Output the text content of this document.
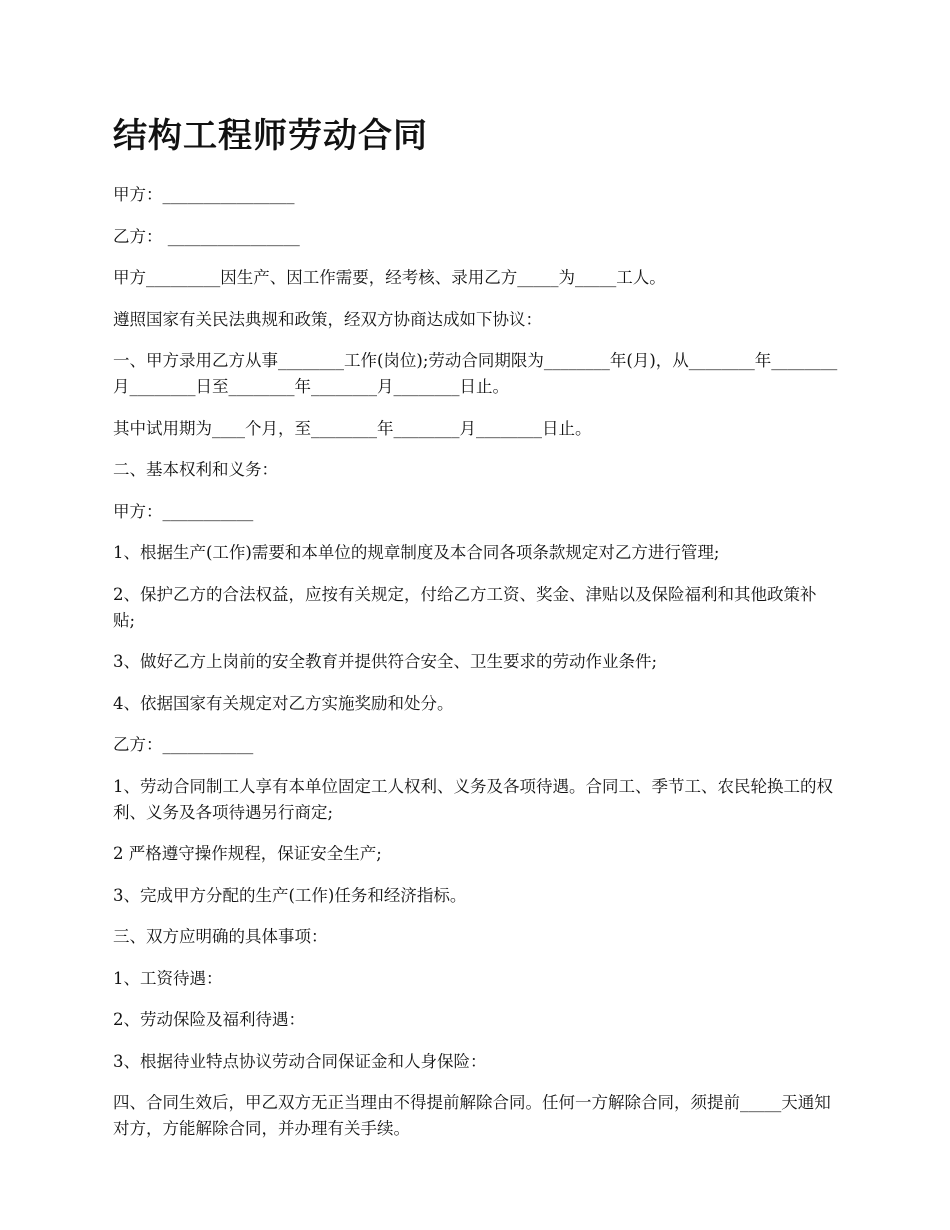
结构工程师劳动合同

甲方：________________

乙方： ________________

甲方_________因生产、因工作需要，经考核、录用乙方_____为_____工人。

遵照国家有关民法典规和政策，经双方协商达成如下协议：

一、甲方录用乙方从事________工作(岗位);劳动合同期限为________年(月)，从________年________月________日至________年________月________日止。

其中试用期为____个月，至________年________月________日止。

二、基本权利和义务：

甲方：___________

1、根据生产(工作)需要和本单位的规章制度及本合同各项条款规定对乙方进行管理;

2、保护乙方的合法权益，应按有关规定，付给乙方工资、奖金、津贴以及保险福利和其他政策补贴;

3、做好乙方上岗前的安全教育并提供符合安全、卫生要求的劳动作业条件;

4、依据国家有关规定对乙方实施奖励和处分。

乙方：___________

1、劳动合同制工人享有本单位固定工人权利、义务及各项待遇。合同工、季节工、农民轮换工的权利、义务及各项待遇另行商定;

2 严格遵守操作规程，保证安全生产;

3、完成甲方分配的生产(工作)任务和经济指标。

三、双方应明确的具体事项：

1、工资待遇：

2、劳动保险及福利待遇：

3、根据待业特点协议劳动合同保证金和人身保险：

四、合同生效后，甲乙双方无正当理由不得提前解除合同。任何一方解除合同，须提前_____天通知对方，方能解除合同，并办理有关手续。
